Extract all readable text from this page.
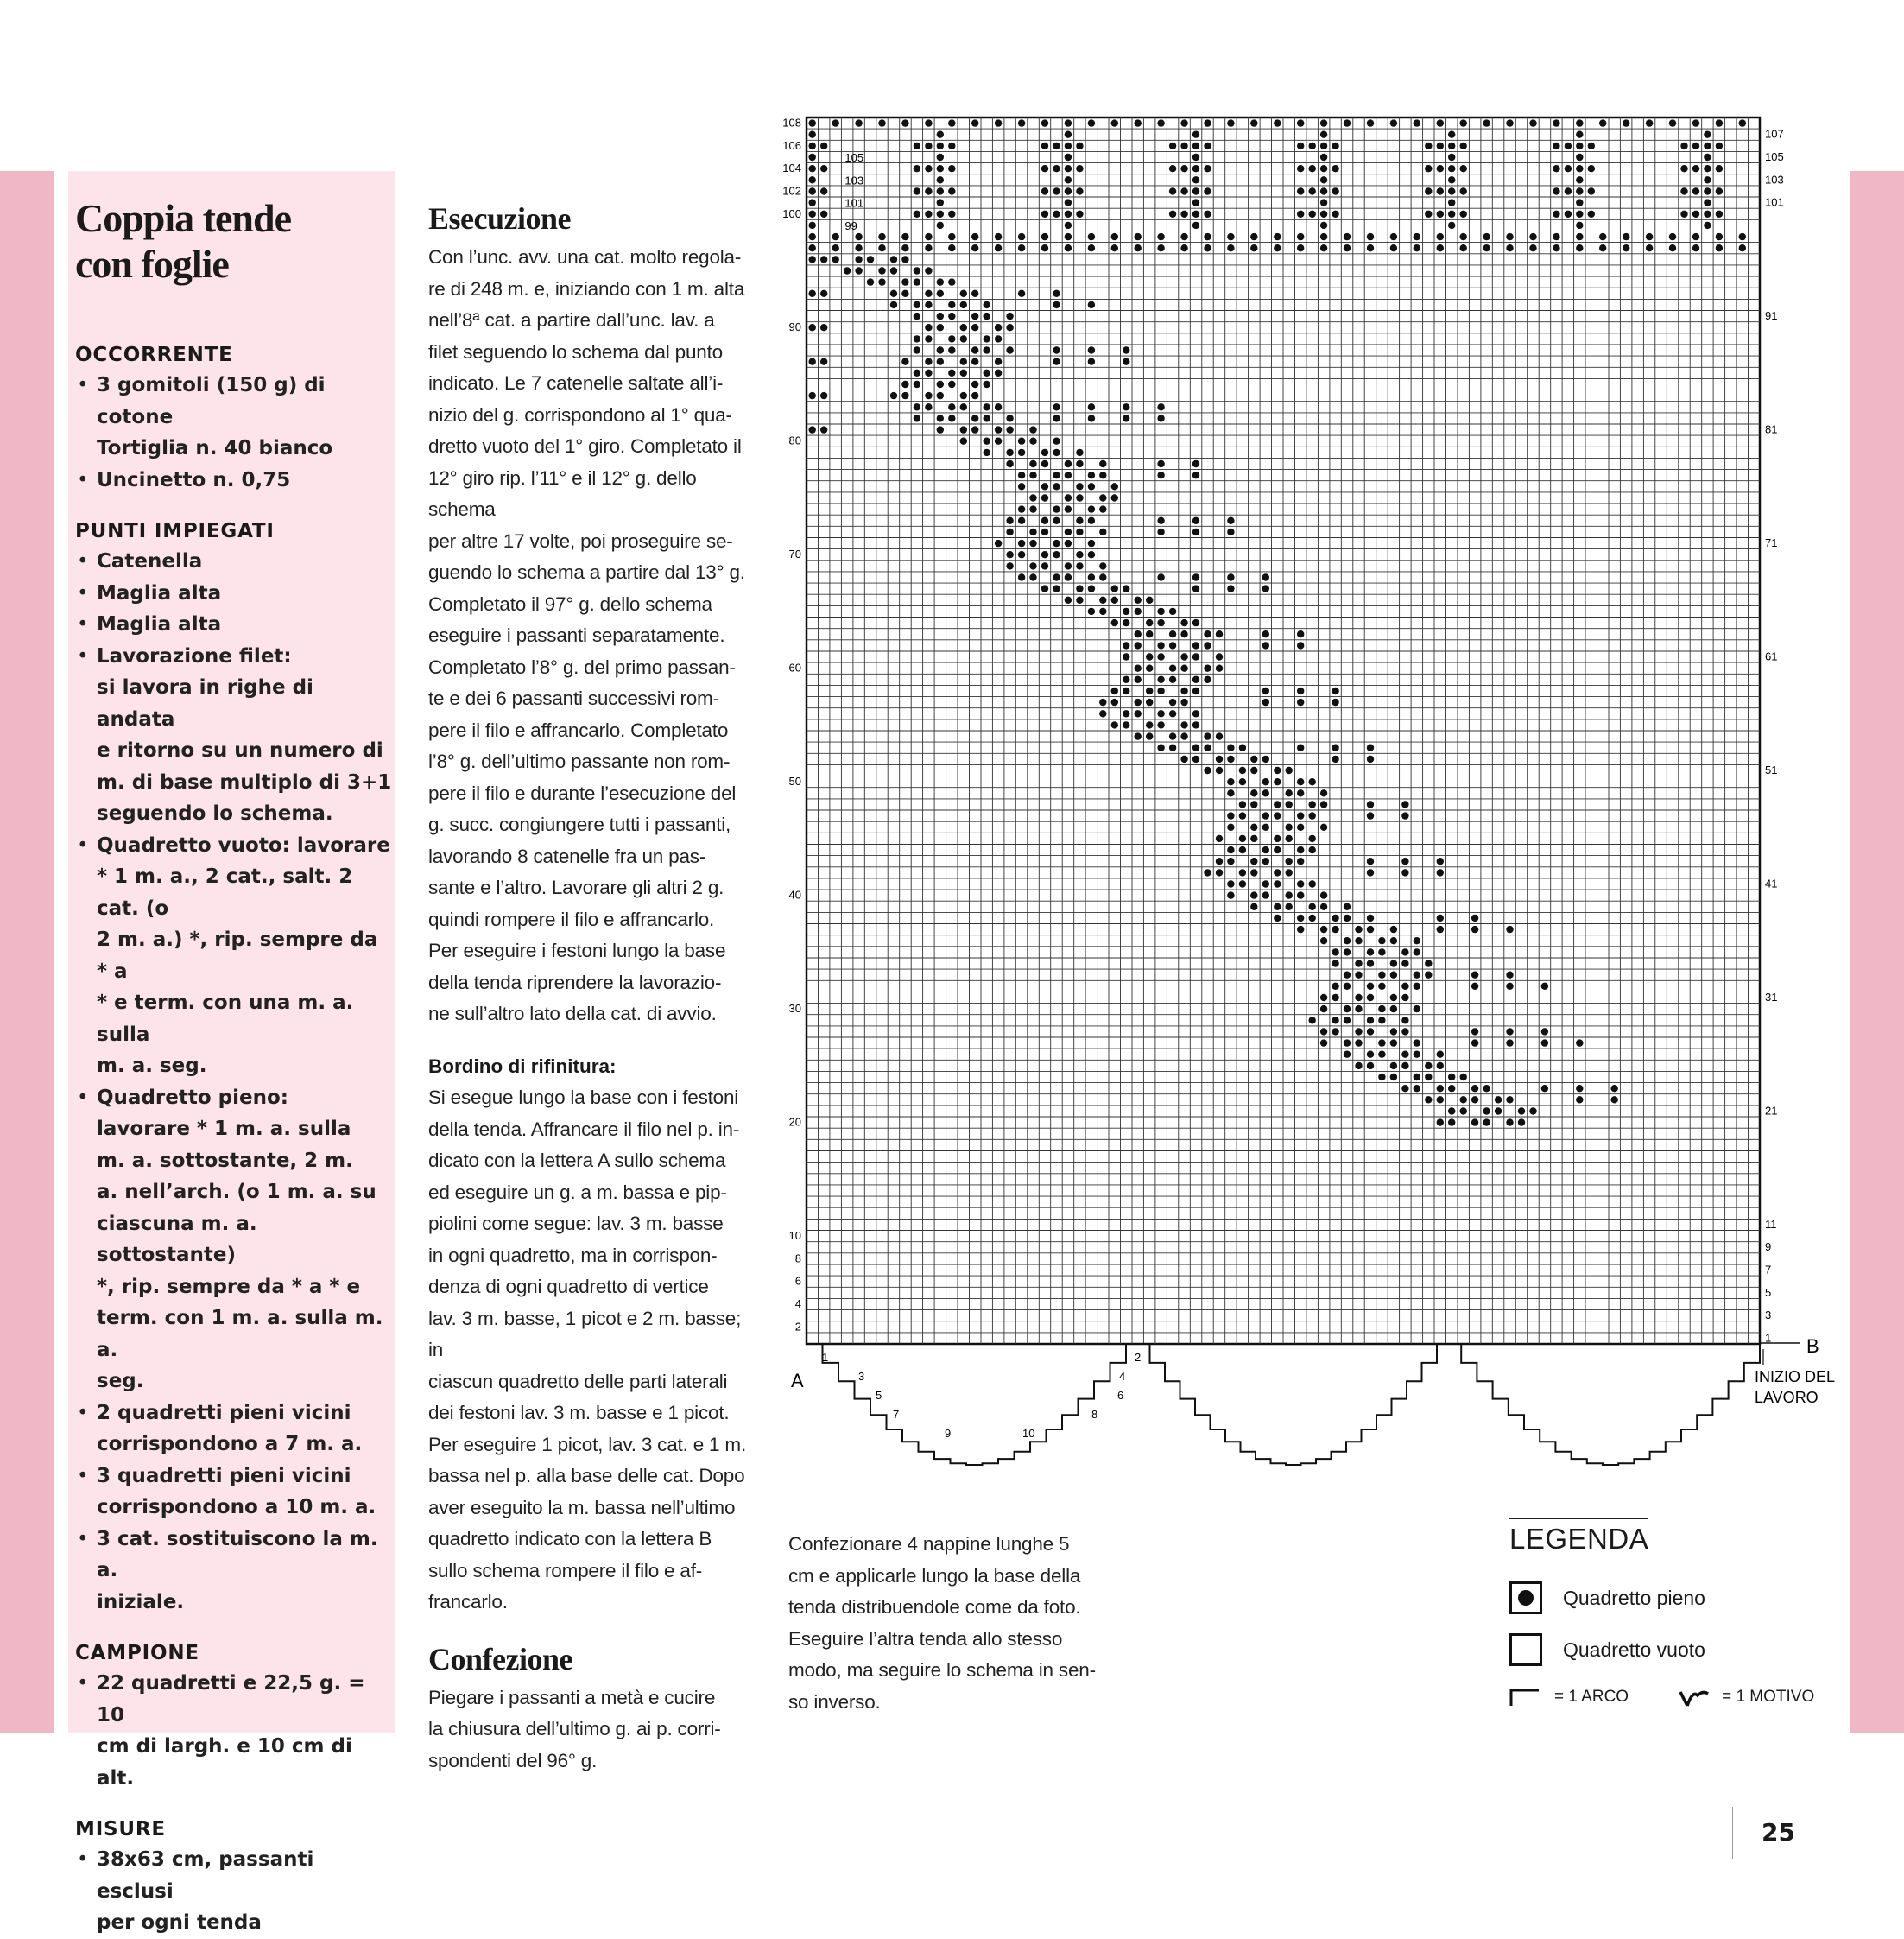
Coppia tende
con foglie
OCCORRENTE
• 3 gomitoli (150 g) di cotone
Tortiglia n. 40 bianco
• Uncinetto n. 0,75
PUNTI IMPIEGATI
• Catenella
• Maglia alta
• Maglia alta
• Lavorazione filet:
si lavora in righe di andata
e ritorno su un numero di
m. di base multiplo di 3+1
seguendo lo schema.
• Quadretto vuoto: lavorare
* 1 m. a., 2 cat., salt. 2 cat. (o
2 m. a.) *, rip. sempre da * a
* e term. con una m. a. sulla
m. a. seg.
• Quadretto pieno:
lavorare * 1 m. a. sulla
m. a. sottostante, 2 m.
a. nell’arch. (o 1 m. a. su
ciascuna m. a. sottostante)
*, rip. sempre da * a * e
term. con 1 m. a. sulla m. a.
seg.
• 2 quadretti pieni vicini
corrispondono a 7 m. a.
• 3 quadretti pieni vicini
corrispondono a 10 m. a.
• 3 cat. sostituiscono la m. a.
iniziale.
CAMPIONE
• 22 quadretti e 22,5 g. = 10
cm di largh. e 10 cm di alt.
MISURE
• 38x63 cm, passanti esclusi
per ogni tenda
Esecuzione

Con l’unc. avv. una cat. molto regola-
re di 248 m. e, iniziando con 1 m. alta
nell’8ª cat. a partire dall’unc. lav. a
filet seguendo lo schema dal punto
indicato. Le 7 catenelle saltate all’i-
nizio del g. corrispondono al 1° qua-
dretto vuoto del 1° giro. Completato il
12° giro rip. l’11° e il 12° g. dello schema
per altre 17 volte, poi proseguire se-
guendo lo schema a partire dal 13° g.
Completato il 97° g. dello schema
eseguire i passanti separatamente.
Completato l’8° g. del primo passan-
te e dei 6 passanti successivi rom-
pere il filo e affrancarlo. Completato
l’8° g. dell’ultimo passante non rom-
pere il filo e durante l’esecuzione del
g. succ. congiungere tutti i passanti,
lavorando 8 catenelle fra un pas-
sante e l’altro. Lavorare gli altri 2 g.
quindi rompere il filo e affrancarlo.
Per eseguire i festoni lungo la base
della tenda riprendere la lavorazio-
ne sull’altro lato della cat. di avvio.

Bordino di rifinitura:

Si esegue lungo la base con i festoni
della tenda. Affrancare il filo nel p. in-
dicato con la lettera A sullo schema
ed eseguire un g. a m. bassa e pip-
piolini come segue: lav. 3 m. basse
in ogni quadretto, ma in corrispon-
denza di ogni quadretto di vertice
lav. 3 m. basse, 1 picot e 2 m. basse; in
ciascun quadretto delle parti laterali
dei festoni lav. 3 m. basse e 1 picot.
Per eseguire 1 picot, lav. 3 cat. e 1 m.
bassa nel p. alla base delle cat. Dopo
aver eseguito la m. bassa nell’ultimo
quadretto indicato con la lettera B
sullo schema rompere il filo e af-
francarlo.

Confezione

Piegare i passanti a metà e cucire
la chiusura dell’ultimo g. ai p. corri-
spondenti del 96° g.

108
106
104
102
100
90
80
70
60
50
40
30
20
10
8
6
4
2
107
105
103
101
91
81
71
61
51
41
31
21
11
9
7
5
3
1
105
103
101
99
1
3
5
7
9	10
8
6
4
2
A
B
INIZIO DEL
LAVORO
Confezionare 4 nappine lunghe 5
cm e applicarle lungo la base della
tenda distribuendole come da foto.
Eseguire l’altra tenda allo stesso
modo, ma seguire lo schema in sen-
so inverso.
LEGENDA
Quadretto pieno
Quadretto vuoto
= 1 ARCO	= 1 MOTIVO
25
